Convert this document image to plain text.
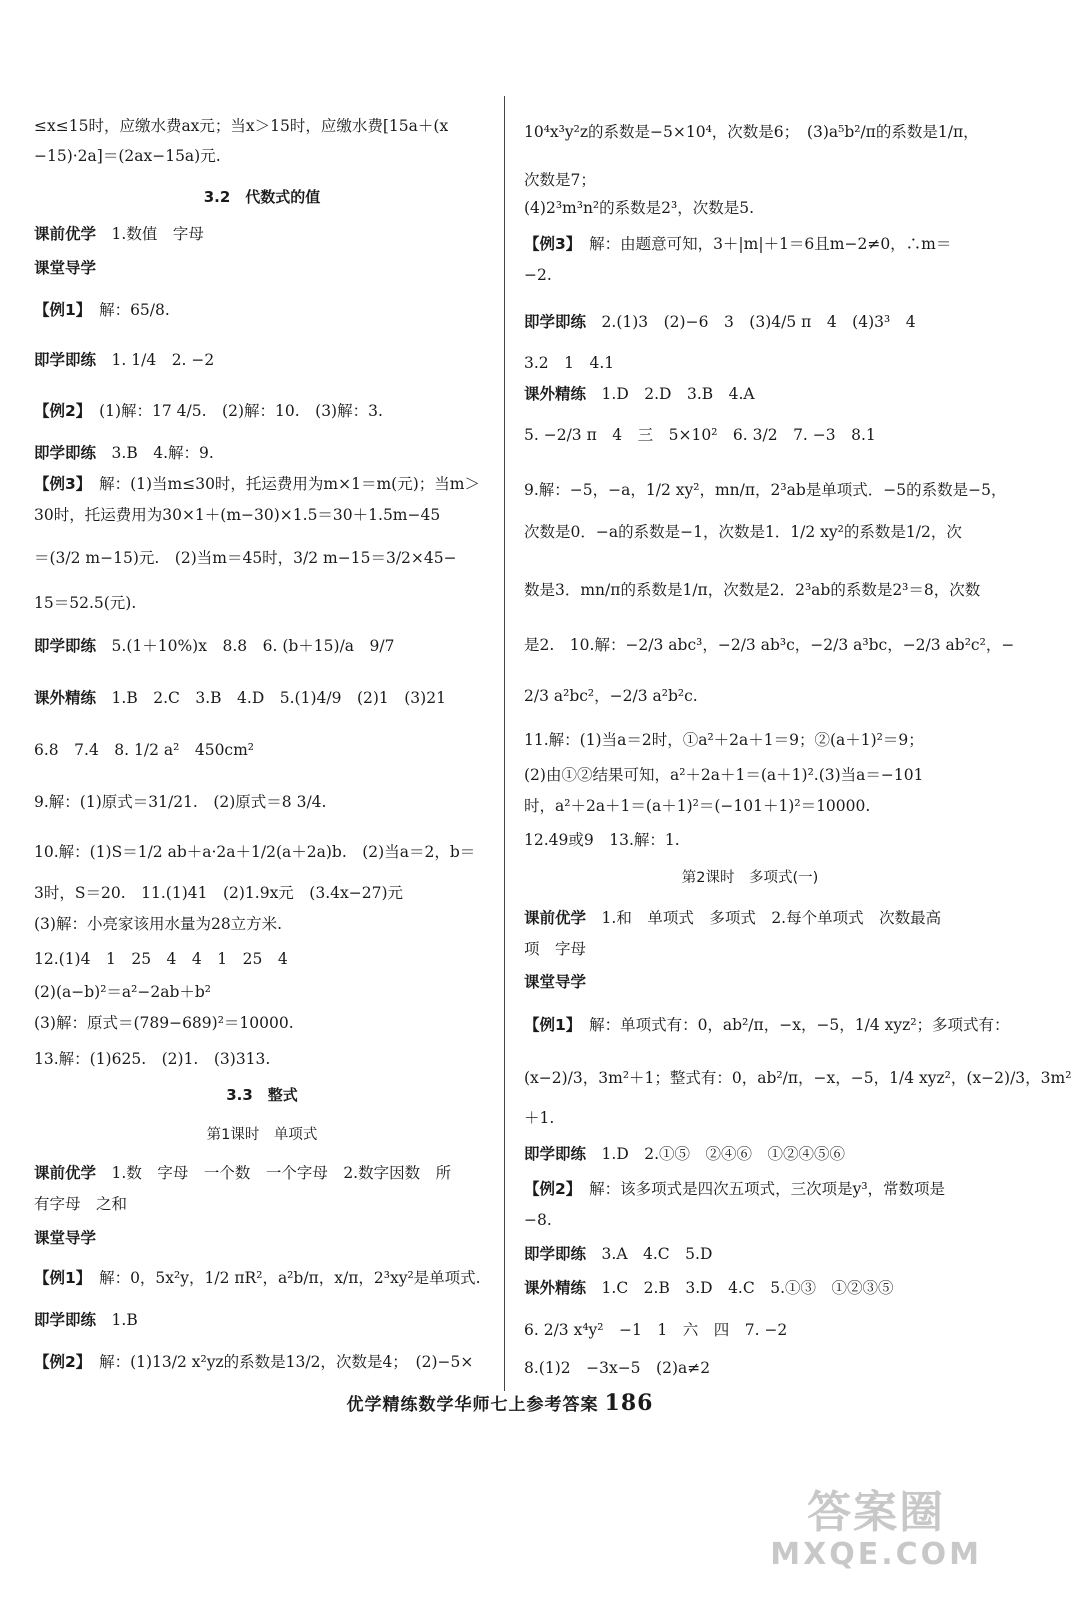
≤x≤15时，应缴水费ax元；当x＞15时，应缴水费[15a＋(x
−15)·2a]＝(2ax−15a)元.
3.2　代数式的值
课前优学　 1.数值　字母
课堂导学
【例1】　 解：65/8.
即学即练　 1. 1/4　2. −2
【例2】　 (1)解：17 4/5.　(2)解：10.　(3)解：3.
即学即练　 3.B　4.解：9.
【例3】　 解：(1)当m≤30时，托运费用为m×1＝m(元)；当m＞
30时，托运费用为30×1＋(m−30)×1.5＝30＋1.5m−45
＝(3/2 m−15)元.　(2)当m＝45时，3/2 m−15＝3/2×45−
15＝52.5(元).
即学即练　 5.(1＋10%)x　8.8　6. (b＋15)/a　9/7
课外精练　 1.B　2.C　3.B　4.D　5.(1)4/9　(2)1　(3)21
6.8　7.4　8. 1/2 a²　450cm²
9.解：(1)原式＝31/21.　(2)原式＝8 3/4.
10.解：(1)S＝1/2 ab＋a·2a＋1/2(a＋2a)b.　(2)当a＝2，b＝
3时，S＝20.　11.(1)41　(2)1.9x元　(3.4x−27)元
(3)解：小亮家该用水量为28立方米.
12.(1)4　1　25　4　4　1　25　4
(2)(a−b)²＝a²−2ab＋b²
(3)解：原式＝(789−689)²＝10000.
13.解：(1)625.　(2)1.　(3)313.
3.3　整式
第1课时　单项式
课前优学　 1.数　字母　一个数　一个字母　2.数字因数　所
有字母　之和
课堂导学
【例1】　 解：0，5x²y，1/2 πR²，a²b/π，x/π，2³xy²是单项式.
即学即练　 1.B
【例2】　 解：(1)13/2 x²yz的系数是13/2，次数是4；　(2)−5×
10⁴x³y²z的系数是−5×10⁴，次数是6；　(3)a⁵b²/π的系数是1/π，
次数是7；
(4)2³m³n²的系数是2³，次数是5.
【例3】　 解：由题意可知，3＋|m|＋1＝6且m−2≠0，∴m＝
−2.
即学即练　 2.(1)3　(2)−6　3　(3)4/5 π　4　(4)3³　4
3.2　1　4.1
课外精练　 1.D　2.D　3.B　4.A
5. −2/3 π　4　三　5×10²　6. 3/2　7. −3　8.1
9.解：−5，−a，1/2 xy²，mn/π，2³ab是单项式．−5的系数是−5，
次数是0．−a的系数是−1，次数是1．1/2 xy²的系数是1/2，次
数是3．mn/π的系数是1/π，次数是2．2³ab的系数是2³＝8，次数
是2.　10.解：−2/3 abc³，−2/3 ab³c，−2/3 a³bc，−2/3 ab²c²，−
2/3 a²bc²，−2/3 a²b²c.
11.解：(1)当a＝2时，①a²＋2a＋1＝9；②(a＋1)²＝9；
(2)由①②结果可知，a²＋2a＋1＝(a＋1)².(3)当a＝−101
时，a²＋2a＋1＝(a＋1)²＝(−101＋1)²＝10000.
12.49或9　13.解：1.
第2课时　多项式(一)
课前优学　 1.和　单项式　多项式　2.每个单项式　次数最高
项　字母
课堂导学
【例1】　 解：单项式有：0，ab²/π，−x，−5，1/4 xyz²；多项式有：
(x−2)/3，3m²＋1；整式有：0，ab²/π，−x，−5，1/4 xyz²，(x−2)/3，3m²
＋1.
即学即练　 1.D　2.①⑤　②④⑥　①②④⑤⑥
【例2】　 解：该多项式是四次五项式，三次项是y³，常数项是
−8.
即学即练　 3.A　4.C　5.D
课外精练　 1.C　2.B　3.D　4.C　5.①③　①②③⑤
6. 2/3 x⁴y²　−1　1　六　四　7. −2
8.(1)2　−3x−5　(2)a≠2
优学精练数学华师七上参考答案 186
答案圈
MXQE.COM
